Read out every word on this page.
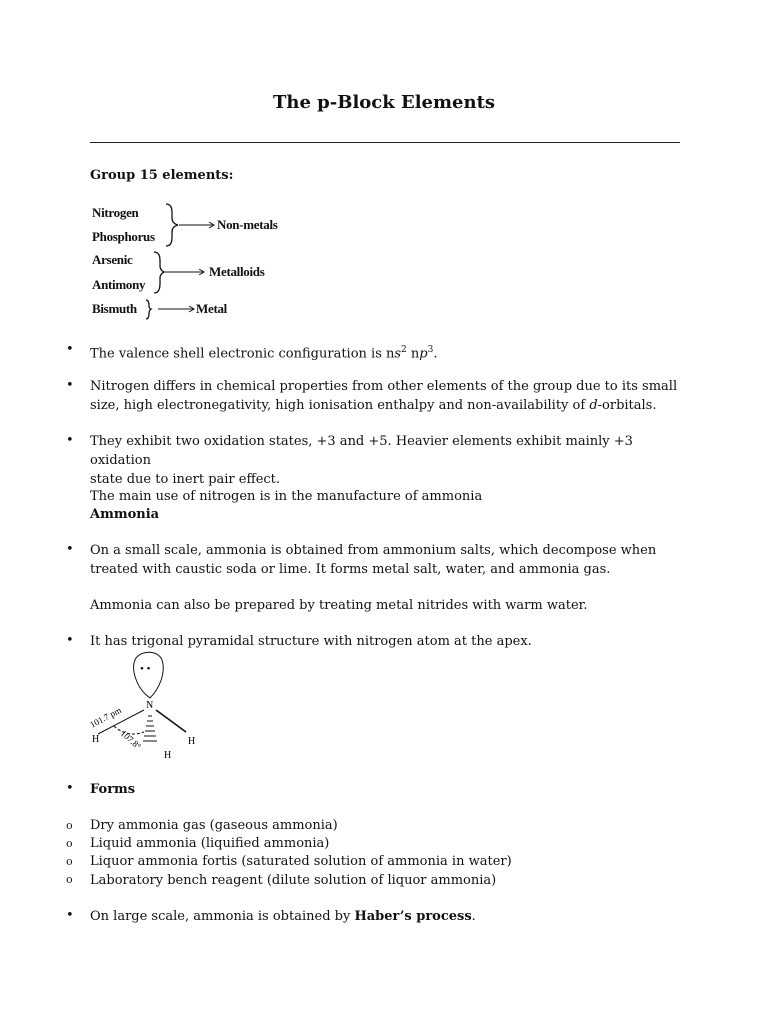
The p-Block Elements
Group 15 elements:
Nitrogen
Phosphorus
Arsenic
Antimony
Bismuth
Non-metals
Metalloids
Metal
• The valence shell electronic configuration is $ns^2$ $np^3$.
• Nitrogen differs in chemical properties from other elements of the group due to its small
size, high electronegativity, high ionisation enthalpy and non-availability of d-orbitals.
• They exhibit two oxidation states, +3 and +5. Heavier elements exhibit mainly +3 oxidation
state due to inert pair effect.
The main use of nitrogen is in the manufacture of ammonia
Ammonia
• On a small scale, ammonia is obtained from ammonium salts, which decompose when
treated with caustic soda or lime. It forms metal salt, water, and ammonia gas.
Ammonia can also be prepared by treating metal nitrides with warm water.
• It has trigonal pyramidal structure with nitrogen atom at the apex.
• •
N
H	H
H
101.7 pm
107.8°
• Forms
o Dry ammonia gas (gaseous ammonia)
o Liquid ammonia (liquified ammonia)
o Liquor ammonia fortis (saturated solution of ammonia in water)
o Laboratory bench reagent (dilute solution of liquor ammonia)
• On large scale, ammonia is obtained by Haber’s process.
